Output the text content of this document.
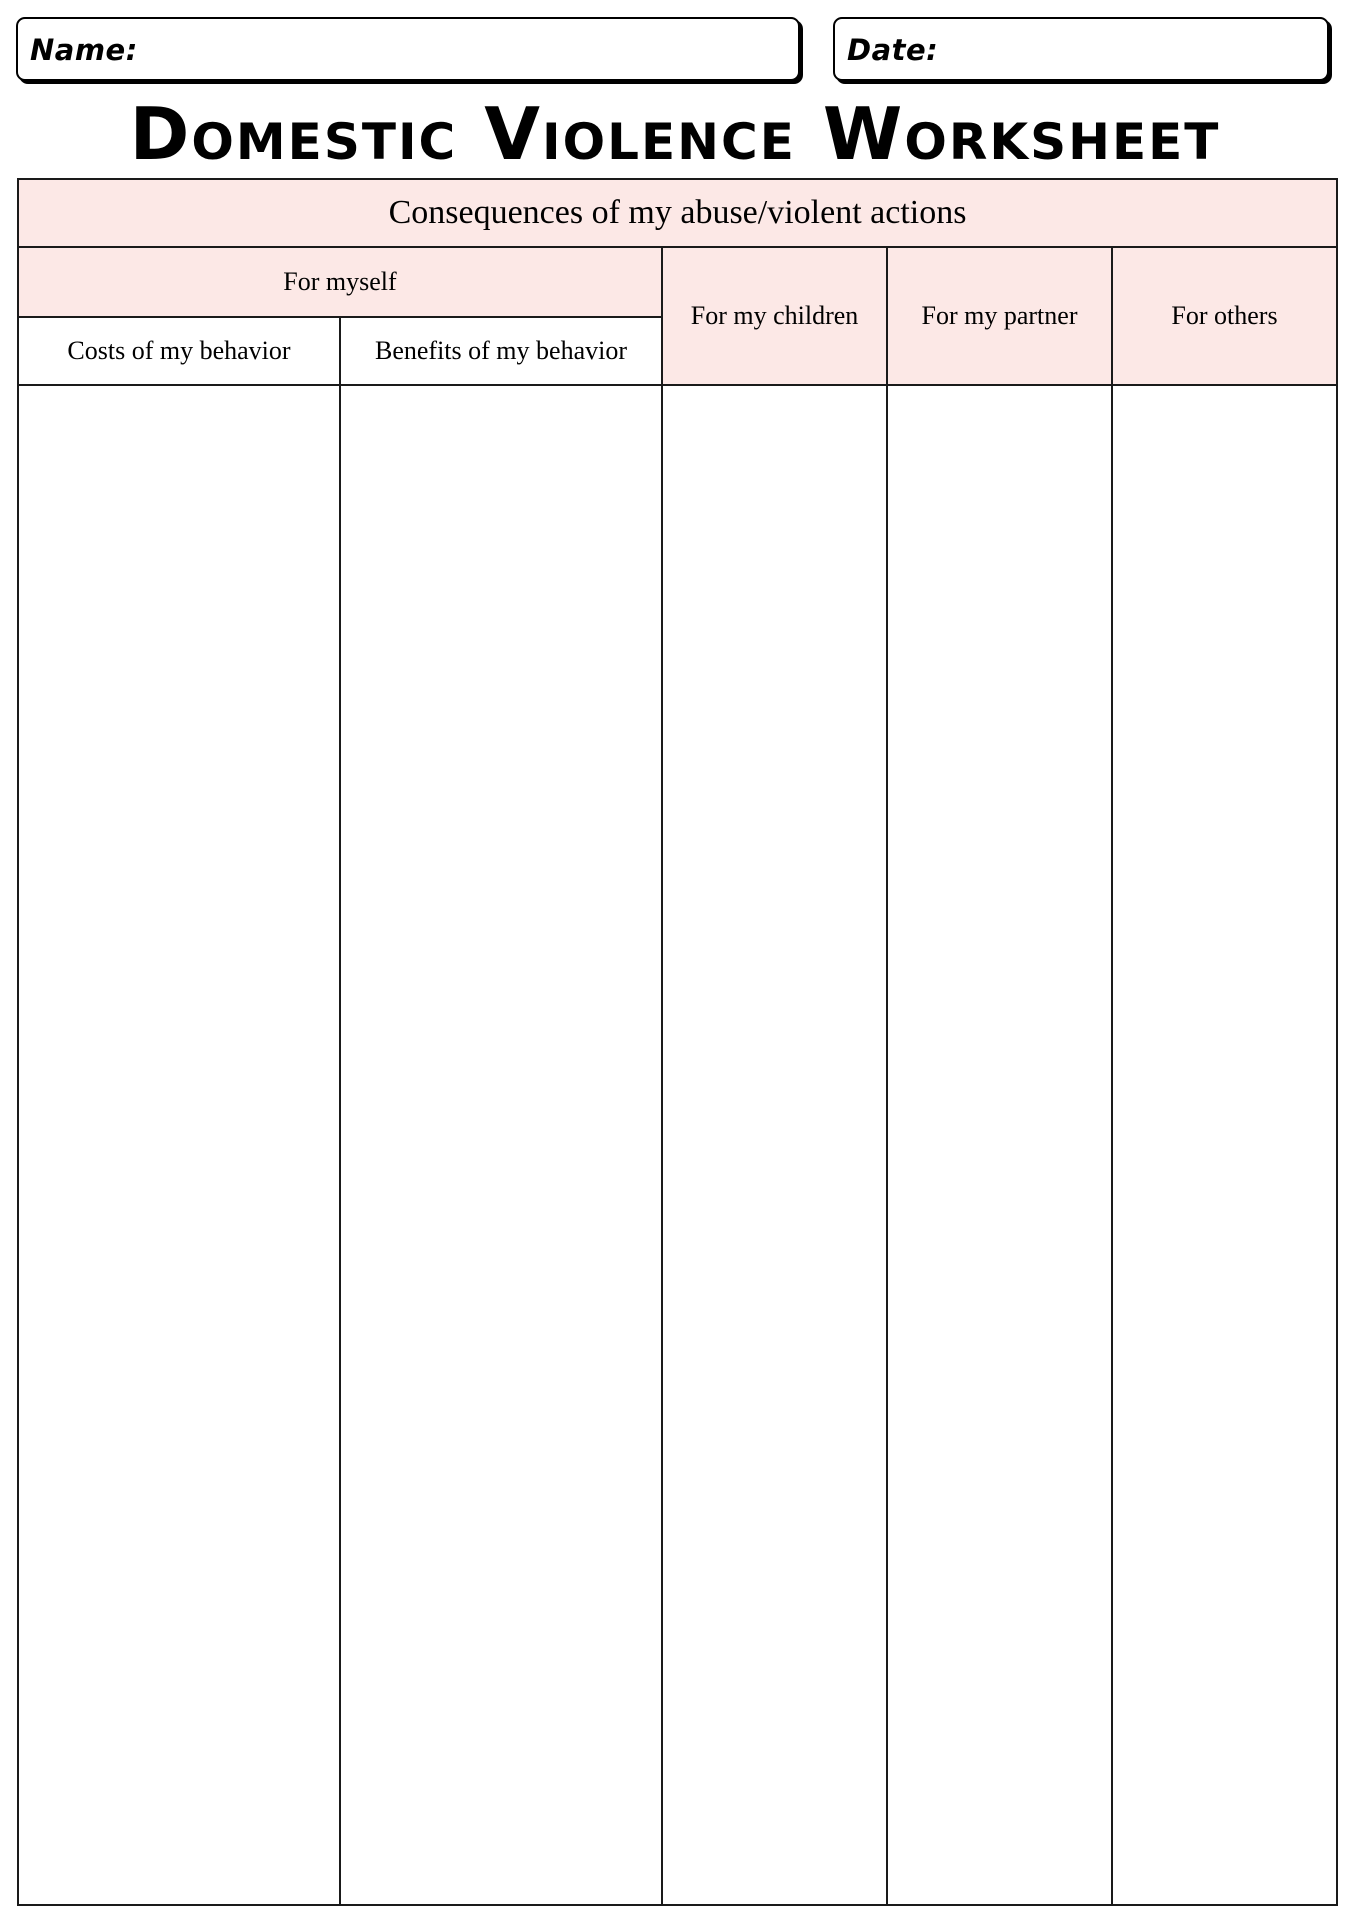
Name:	Date:
Domestic Violence Worksheet
Consequences of my abuse/violent actions				
For myself		For my children	For my partner	For others
Costs of my behavior	Benefits of my behavior			
